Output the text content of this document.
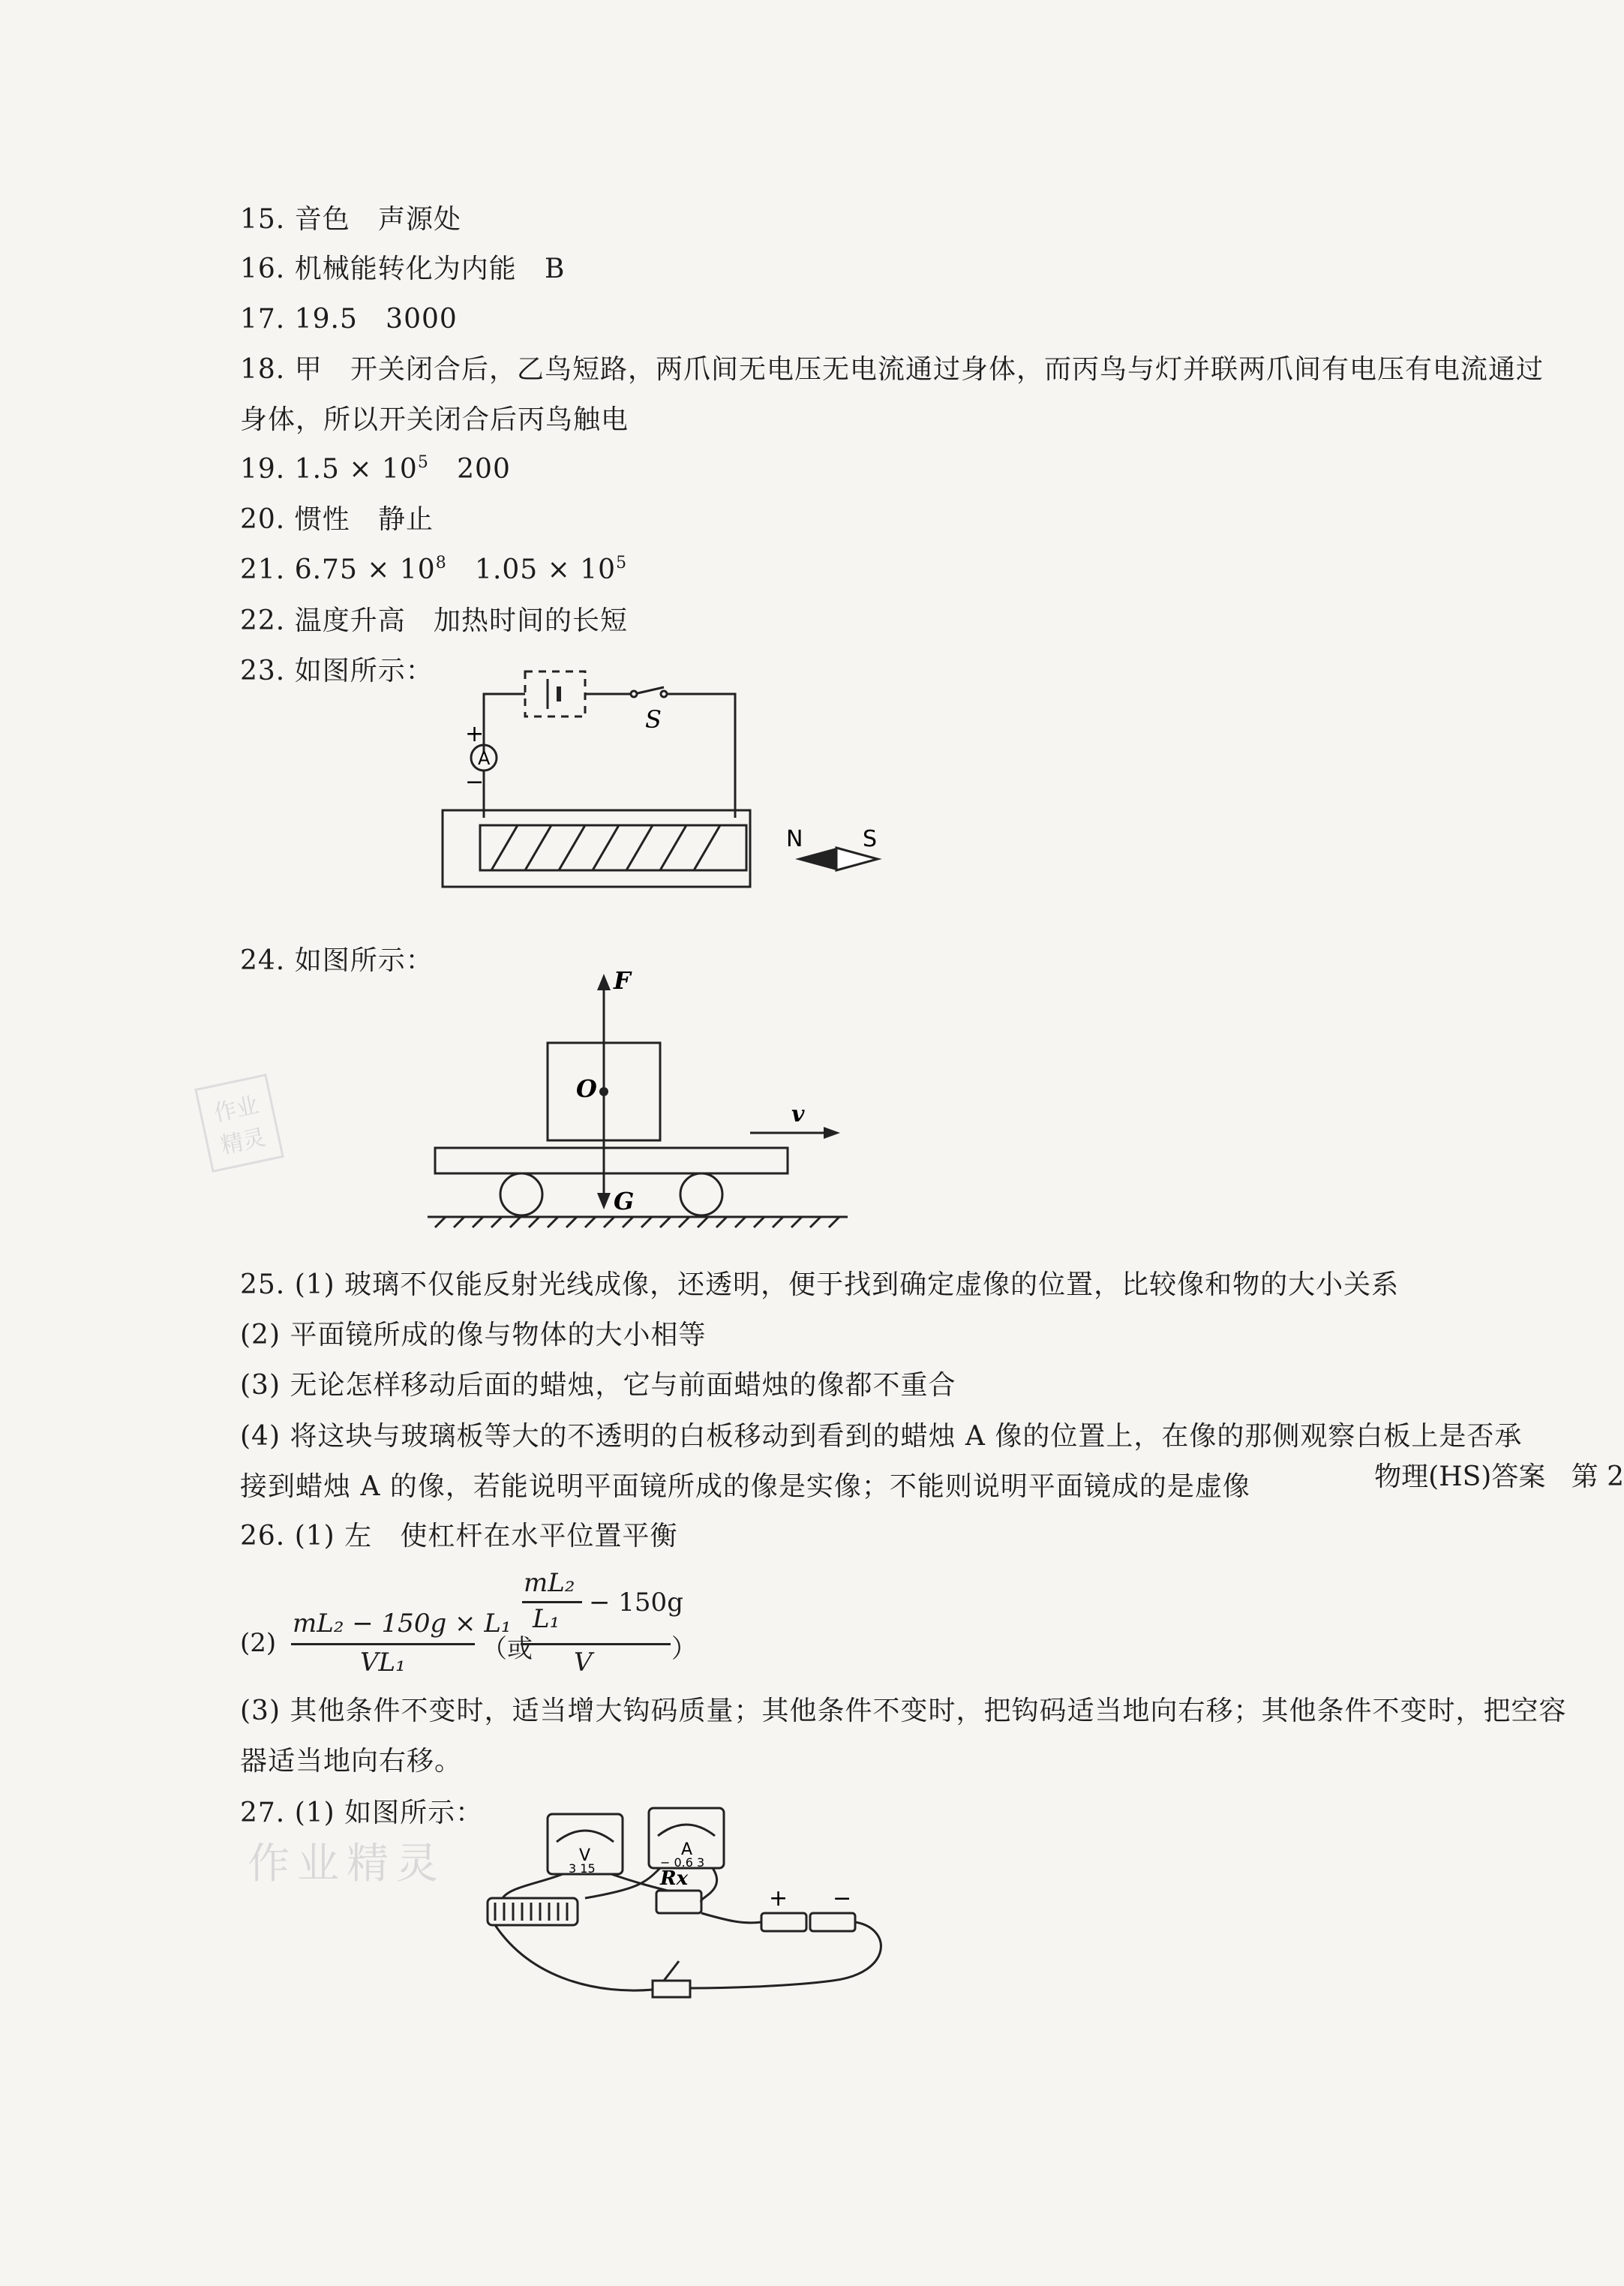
15. 音色   声源处
16. 机械能转化为内能   B
17. 19.5   3000
18. 甲   开关闭合后，乙鸟短路，两爪间无电压无电流通过身体，而丙鸟与灯并联两爪间有电压有电流通过
身体，所以开关闭合后丙鸟触电
19. $1.5 \times 10^5$   200
20. 惯性   静止
21. $6.75 \times 10^8$   $1.05 \times 10^5$
22. 温度升高   加热时间的长短
23. 如图所示：
A
+
−
S
N	S
24. 如图所示：
F
O
G
v
作业
精灵
25. (1) 玻璃不仅能反射光线成像，还透明，便于找到确定虚像的位置，比较像和物的大小关系
(2) 平面镜所成的像与物体的大小相等
(3) 无论怎样移动后面的蜡烛，它与前面蜡烛的像都不重合
(4) 将这块与玻璃板等大的不透明的白板移动到看到的蜡烛 A 像的位置上，在像的那侧观察白板上是否承
接到蜡烛 A 的像，若能说明平面镜所成的像是实像；不能则说明平面镜成的是虚像
26. (1) 左   使杠杆在水平位置平衡
(2)
mL₂ − 150g × L₁
VL₁	（或
mL₂
L₁
− 150g
V	）
(3) 其他条件不变时，适当增大钩码质量；其他条件不变时，把钩码适当地向右移；其他条件不变时，把空容
器适当地向右移。
27. (1) 如图所示：
作业精灵	V
3 15
A
− 0.6 3
Rx
+ −
物理(HS)答案   第 2
